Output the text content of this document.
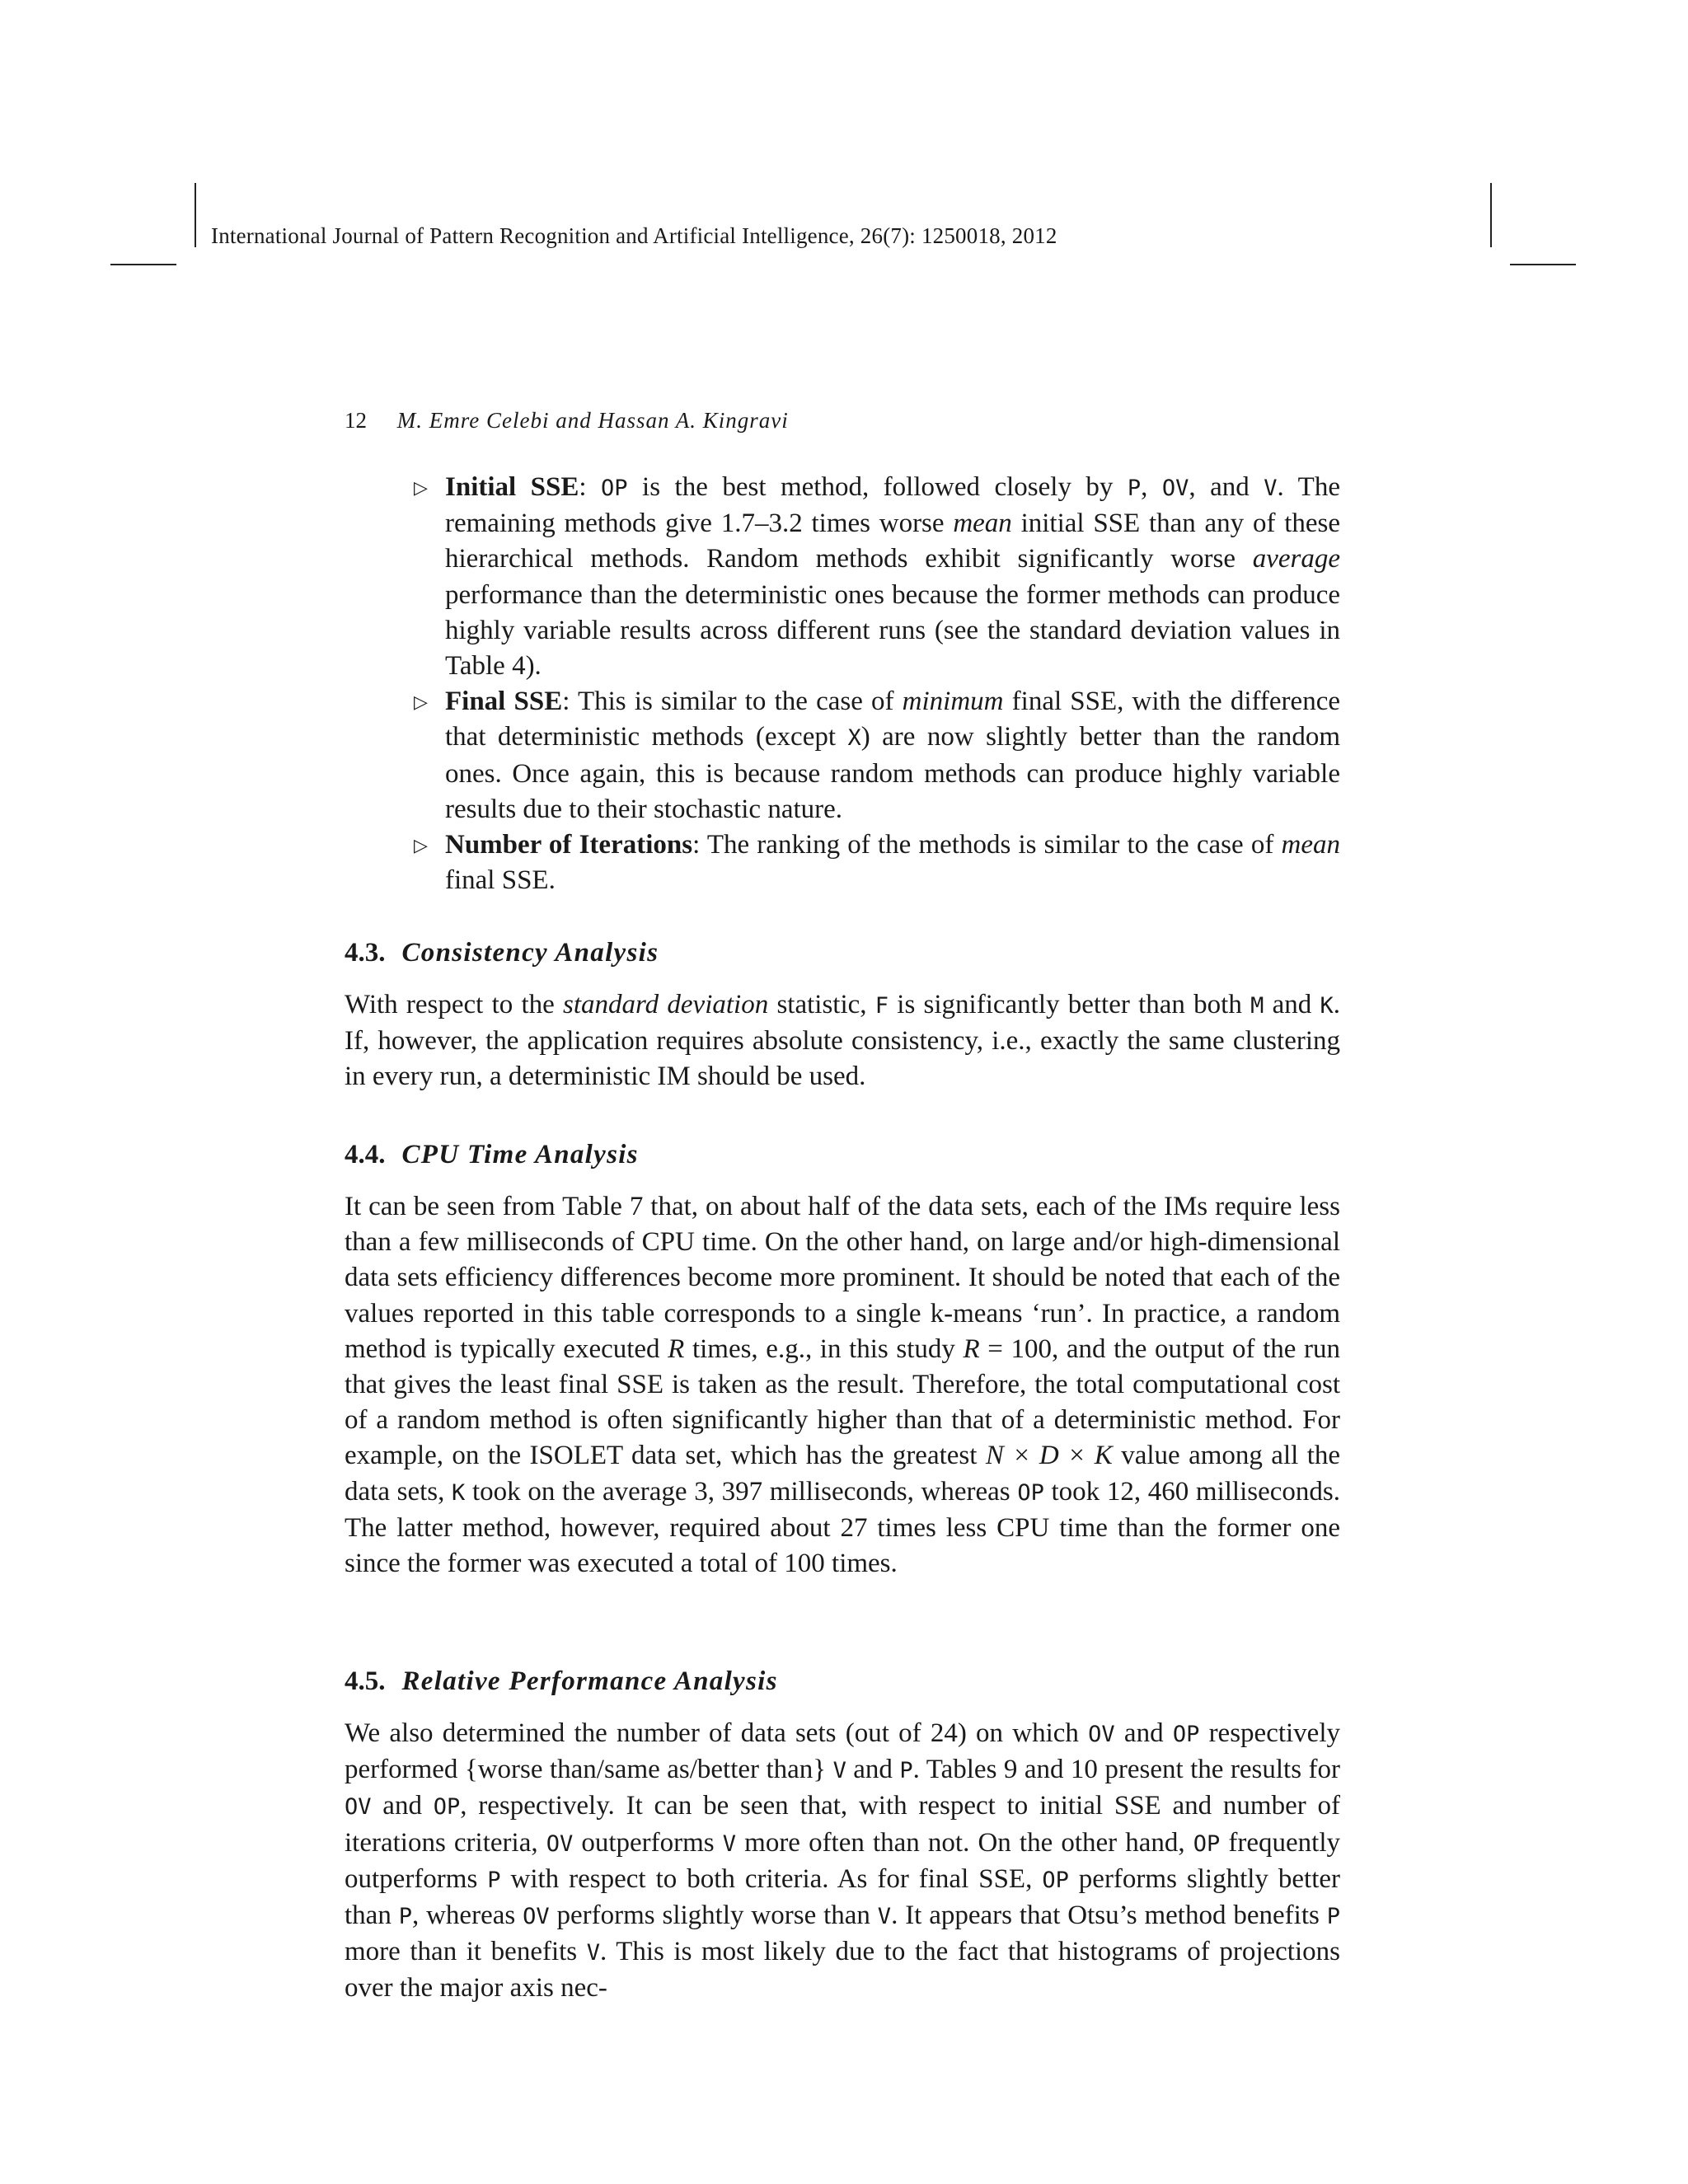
International Journal of Pattern Recognition and Artificial Intelligence, 26(7): 1250018, 2012
12 M. Emre Celebi and Hassan A. Kingravi
▷ Initial SSE: OP is the best method, followed closely by P, OV, and V. The remaining methods give 1.7–3.2 times worse mean initial SSE than any of these hierarchical methods. Random methods exhibit significantly worse average performance than the deterministic ones because the former methods can produce highly variable results across different runs (see the standard deviation values in Table 4).

▷ Final SSE: This is similar to the case of minimum final SSE, with the difference that deterministic methods (except X) are now slightly better than the random ones. Once again, this is because random methods can produce highly variable results due to their stochastic nature.

▷ Number of Iterations: The ranking of the methods is similar to the case of mean final SSE.

4.3. Consistency Analysis

With respect to the standard deviation statistic, F is significantly better than both M and K. If, however, the application requires absolute consistency, i.e., exactly the same clustering in every run, a deterministic IM should be used.

4.4. CPU Time Analysis

It can be seen from Table 7 that, on about half of the data sets, each of the IMs require less than a few milliseconds of CPU time. On the other hand, on large and/or high-dimensional data sets efficiency differences become more prominent. It should be noted that each of the values reported in this table corresponds to a single k-means ‘run’. In practice, a random method is typically executed R times, e.g., in this study R = 100, and the output of the run that gives the least final SSE is taken as the result. Therefore, the total computational cost of a random method is often significantly higher than that of a deterministic method. For example, on the ISOLET data set, which has the greatest N × D × K value among all the data sets, K took on the average 3, 397 milliseconds, whereas OP took 12, 460 milliseconds. The latter method, however, required about 27 times less CPU time than the former one since the former was executed a total of 100 times.

4.5. Relative Performance Analysis

We also determined the number of data sets (out of 24) on which OV and OP respectively performed {worse than/same as/better than} V and P. Tables 9 and 10 present the results for OV and OP, respectively. It can be seen that, with respect to initial SSE and number of iterations criteria, OV outperforms V more often than not. On the other hand, OP frequently outperforms P with respect to both criteria. As for final SSE, OP performs slightly better than P, whereas OV performs slightly worse than V. It appears that Otsu’s method benefits P more than it benefits V. This is most likely due to the fact that histograms of projections over the major axis nec-
